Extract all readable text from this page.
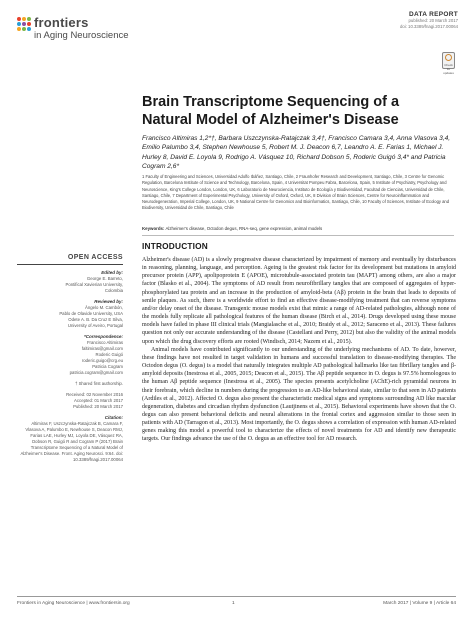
frontiers
in Aging Neuroscience
DATA REPORT
published: 20 March 2017
doi: 10.3389/fnagi.2017.00064
Check for updates
Brain Transcriptome Sequencing of a Natural Model of Alzheimer's Disease
Francisco Altimiras 1,2*†, Barbara Uszczynska-Ratajczak 3,4†, Francisco Camara 3,4, Anna Vlasova 3,4, Emilio Palumbo 3,4, Stephen Newhouse 5, Robert M. J. Deacon 6,7, Leandro A. E. Farias 1, Michael J. Hurley 8, David E. Loyola 9, Rodrigo A. Vásquez 10, Richard Dobson 5, Roderic Guigó 3,4* and Patricia Cogram 2,6*
1 Faculty of Engineering and Sciences, Universidad Adolfo Ibáñez, Santiago, Chile, 2 Fraunhofer Research and Development, Santiago, Chile, 3 Centre for Genomic Regulation, Barcelona Institute of Science and Technology, Barcelona, Spain, 4 Universitat Pompeu Fabra, Barcelona, Spain, 5 Institute of Psychiatry, Psychology and Neuroscience, King's College London, London, UK, 6 Laboratorio de Neurociencia, Instituto de Ecología y Biodiversidad, Facultad de Ciencias, Universidad de Chile, Santiago, Chile, 7 Department of Experimental Psychology, University of Oxford, Oxford, UK, 8 Division of Brain Sciences, Centre for Neuroinflammation and Neurodegeneration, Imperial College, London, UK, 9 National Centre for Genomics and Bioinformatics, Santiago, Chile, 10 Faculty of Sciences, Institute of Ecology and Biodiversity, Universidad de Chile, Santiago, Chile
Keywords: Alzheimer's disease, Octodon degus, RNA-seq, gene expression, animal models
INTRODUCTION

Alzheimer's disease (AD) is a slowly progressive disease characterized by impairment of memory and eventually by disturbances in reasoning, planning, language, and perception. Ageing is the greatest risk factor for its development but mutations in amyloid precursor protein (APP), apolipoprotein E (APOE), microtubule-associated protein tau (MAPT) among others, are also a major factor (Blasko et al., 2004). The symptoms of AD result from neurofibrillary tangles that are composed of aggregates of hyper-phosphorylated tau protein and an increase in the production of amyloid-beta (Aβ) protein in the brain that leads to deposits of senile plaques. As such, there is a worldwide effort to find an effective disease-modifying treatment that can reverse symptoms and/or delay onset of the disease. Transgenic mouse models exist that mimic a range of AD-related pathologies, although none of the models fully replicate all pathological features of the human disease (Birch et al., 2014). Drugs developed using these mouse models have failed in phase III clinical trials (Mangialasche et al., 2010; Braidy et al., 2012; Saraceno et al., 2013). These failures question not only our accurate understanding of the disease (Castellani and Perry, 2012) but also the validity of the animal models upon which the drug discovery efforts are rooted (Windisch, 2014; Nazem et al., 2015).

Animal models have contributed significantly to our understanding of the underlying mechanisms of AD. To date, however, these findings have not resulted in target validation in humans and successful translation to disease-modifying therapies. The Octodon degus (O. degus) is a model that naturally integrates multiple AD pathological hallmarks like tau fibrillary tangles and β-amyloid deposits (Inestrosa et al., 2005, 2015; Deacon et al., 2015). The Aβ peptide sequence in O. degus is 97.5% homologous to the human Aβ peptide sequence (Inestrosa et al., 2005). The species presents acetylcholine (AChE)-rich pyramidal neurons in their forebrain, which decline in numbers during the progression to an AD-like behavioral state, similar to that seen in AD patients (Ardiles et al., 2012). Affected O. degus also present the characteristic medical signs and symptoms surrounding AD like macular degeneration, diabetes and circadian rhythm dysfunction (Lautjinens et al., 2015). Behavioral experiments have shown that the O. degus can also present behavioral deficits and neural alterations in the frontal cortex and aggression similar to those seen in patients with AD (Tarragon et al., 2013). Most importantly, the O. degus shows a correlation of expression with human AD-related genes making this model a powerful tool to characterize the effects of novel treatments for AD and identify new therapeutic targets. Our findings advance the use of the O. degus as an effective tool for AD research.

OPEN ACCESS
Edited by:
George E. Barreto,
Pontifical Xavierian University,
Colombia
Reviewed by:
Ângelo M. Cambón,
Pablo de Olavide University, USA
Odete A. B. Da Cruz E Silva,
University of Aveiro, Portugal
*Correspondence:
Francisco Altimiras
faltimiras@gmail.com
Roderic Guigó
roderic.guigo@crg.eu
Patricia Cogram
patricia.cogram@gmail.com
† Shared first authorship.
Received: 02 November 2016
Accepted: 01 March 2017
Published: 20 March 2017
Citation:
Altimiras F, Uszczynska-Ratajczak B, Camara F, Vlasova A, Palumbo E, Newhouse S, Deacon RMJ, Farias LAE, Hurley MJ, Loyola DE, Vásquez RA, Dobson R, Guigó R and Cogram P (2017) Brain Transcriptome Sequencing of a Natural Model of Alzheimer's Disease. Front. Aging Neurosci. 9:64. doi: 10.3389/fnagi.2017.00064
Frontiers in Aging Neuroscience | www.frontiersin.org	1	March 2017 | Volume 9 | Article 64
